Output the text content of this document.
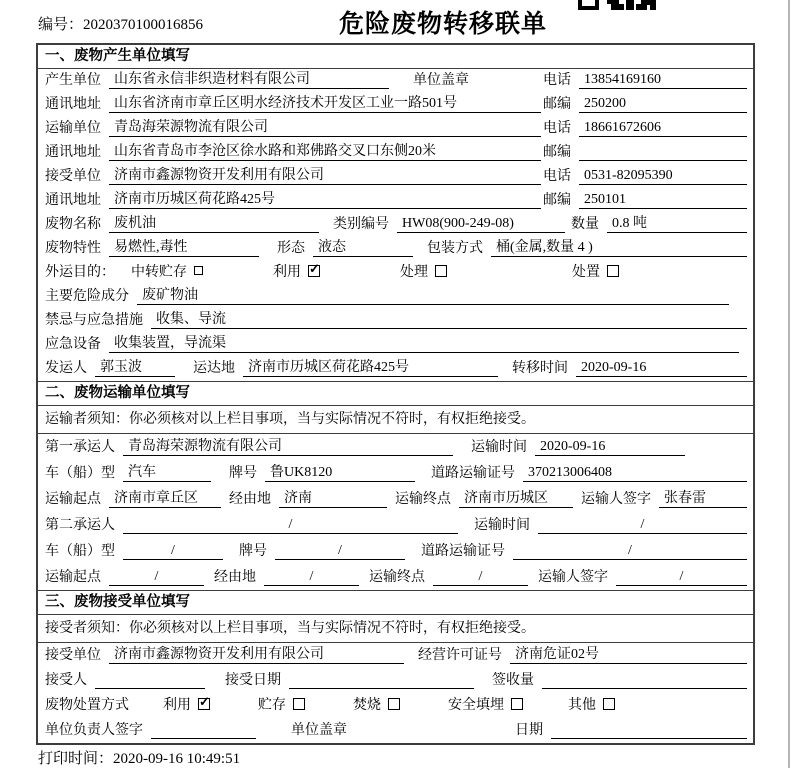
编号：2020370100016856	危险废物转移联单
一、废物产生单位填写
产生单位 山东省永信非织造材料有限公司	单位盖章	电话 13854169160
通讯地址 山东省济南市章丘区明水经济技术开发区工业一路501号	邮编 250200
运输单位 青岛海荣源物流有限公司	电话 18661672606
通讯地址 山东省青岛市李沧区徐水路和郑佛路交叉口东侧20米	邮编
接受单位 济南市鑫源物资开发利用有限公司	电话 0531-82095390
通讯地址 济南市历城区荷花路425号	邮编 250101
废物名称 废机油	类别编号 HW08(900-249-08)	数量 0.8 吨
废物特性 易燃性,毒性	形态 液态	包装方式 桶(金属,数量 4 )
外运目的： 中转贮存	利用 ✓	处理	处置
主要危险成分 废矿物油
禁忌与应急措施 收集、导流
应急设备 收集装置，导流渠
发运人 郭玉波	运达地 济南市历城区荷花路425号	转移时间 2020-09-16
二、废物运输单位填写
运输者须知：你必须核对以上栏目事项，当与实际情况不符时，有权拒绝接受。
第一承运人 青岛海荣源物流有限公司	运输时间 2020-09-16
车（船）型 汽车	牌号 鲁UK8120	道路运输证号 370213006408
运输起点 济南市章丘区	经由地 济南	运输终点 济南市历城区	运输人签字 张春雷
第二承运人	/	运输时间	/
车（船）型	/	牌号	/	道路运输证号	/
运输起点	/	经由地	/	运输终点	/	运输人签字	/
三、废物接受单位填写
接受者须知：你必须核对以上栏目事项，当与实际情况不符时，有权拒绝接受。
接受单位 济南市鑫源物资开发利用有限公司	经营许可证号 济南危证02号
接受人	接受日期	签收量
废物处置方式 利用 ✓	贮存	焚烧	安全填埋	其他
单位负责人签字	单位盖章	日期
打印时间：2020-09-16 10:49:51
